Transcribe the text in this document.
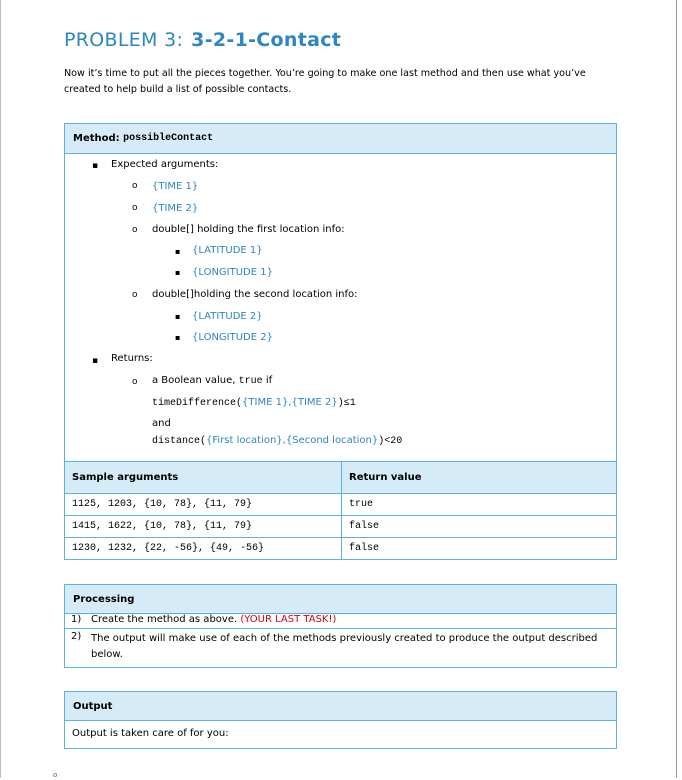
PROBLEM 3: 3-2-1-Contact
Now it’s time to put all the pieces together. You’re going to make one last method and then use what you’ve created to help build a list of possible contacts.
Method:
possibleContact
▪ Expected arguments:
o {TIME 1}
o {TIME 2}
o double[] holding the first location info:
▪ {LATITUDE 1}
▪ {LONGITUDE 1}
o double[]holding the second location info:
▪ {LATITUDE 2}
▪ {LONGITUDE 2}
▪ Returns:
o a Boolean value, true if
timeDifference({TIME 1},{TIME 2})≤1
and
distance({First location},{Second location})<20
Sample arguments	Return value
1125, 1203, {10, 78}, {11, 79}	true
1415, 1622, {10, 78}, {11, 79}	false
1230, 1232, {22, -56}, {49, -56}	false
Processing
1) Create the method as above. (YOUR LAST TASK!)
2) The output will make use of each of the methods previously created to produce the output described below.
Output
Output is taken care of for you:
o
